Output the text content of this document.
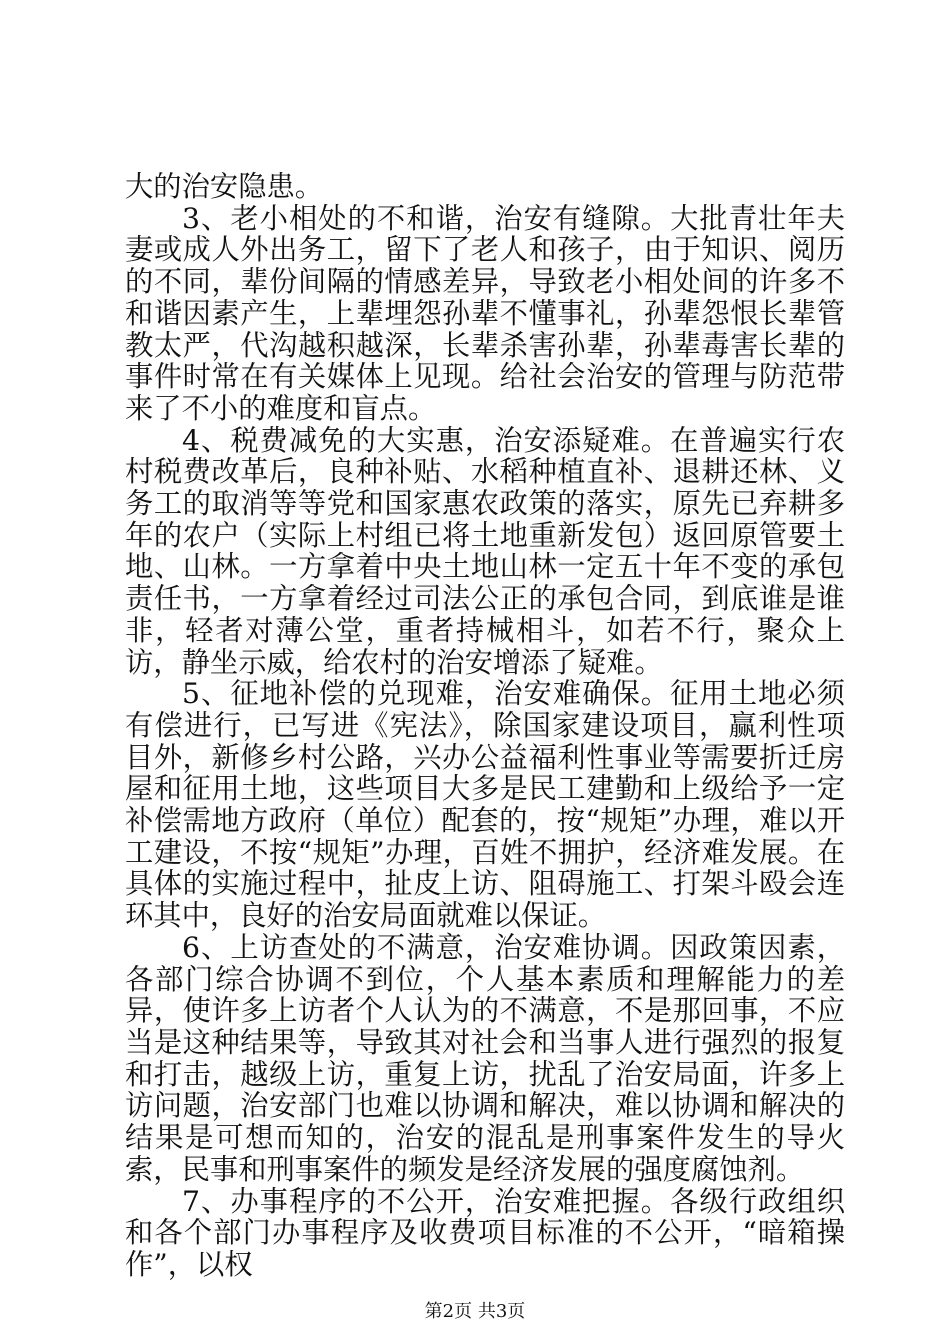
大的治安隐患。

3、老小相处的不和谐，治安有缝隙。大批青壮年夫妻或成人外出务工，留下了老人和孩子，由于知识、阅历的不同，辈份间隔的情感差异，导致老小相处间的许多不和谐因素产生，上辈埋怨孙辈不懂事礼，孙辈怨恨长辈管教太严，代沟越积越深，长辈杀害孙辈，孙辈毒害长辈的事件时常在有关媒体上见现。给社会治安的管理与防范带来了不小的难度和盲点。

4、税费减免的大实惠，治安添疑难。在普遍实行农村税费改革后，良种补贴、水稻种植直补、退耕还林、义务工的取消等等党和国家惠农政策的落实，原先已弃耕多年的农户（实际上村组已将土地重新发包）返回原管要土地、山林。一方拿着中央土地山林一定五十年不变的承包责任书，一方拿着经过司法公正的承包合同，到底谁是谁非，轻者对薄公堂，重者持械相斗，如若不行，聚众上访，静坐示威，给农村的治安增添了疑难。

5、征地补偿的兑现难，治安难确保。征用土地必须有偿进行，已写进《宪法》，除国家建设项目，赢利性项目外，新修乡村公路，兴办公益福利性事业等需要折迁房屋和征用土地，这些项目大多是民工建勤和上级给予一定补偿需地方政府（单位）配套的，按“规矩”办理，难以开工建设，不按“规矩”办理，百姓不拥护，经济难发展。在具体的实施过程中，扯皮上访、阻碍施工、打架斗殴会连环其中，良好的治安局面就难以保证。

6、上访查处的不满意，治安难协调。因政策因素，各部门综合协调不到位，个人基本素质和理解能力的差异，使许多上访者个人认为的不满意，不是那回事，不应当是这种结果等，导致其对社会和当事人进行强烈的报复和打击，越级上访，重复上访，扰乱了治安局面，许多上访问题，治安部门也难以协调和解决，难以协调和解决的结果是可想而知的，治安的混乱是刑事案件发生的导火索，民事和刑事案件的频发是经济发展的强度腐蚀剂。

7、办事程序的不公开，治安难把握。各级行政组织和各个部门办事程序及收费项目标准的不公开，“暗箱操作”，以权

第2页 共3页
